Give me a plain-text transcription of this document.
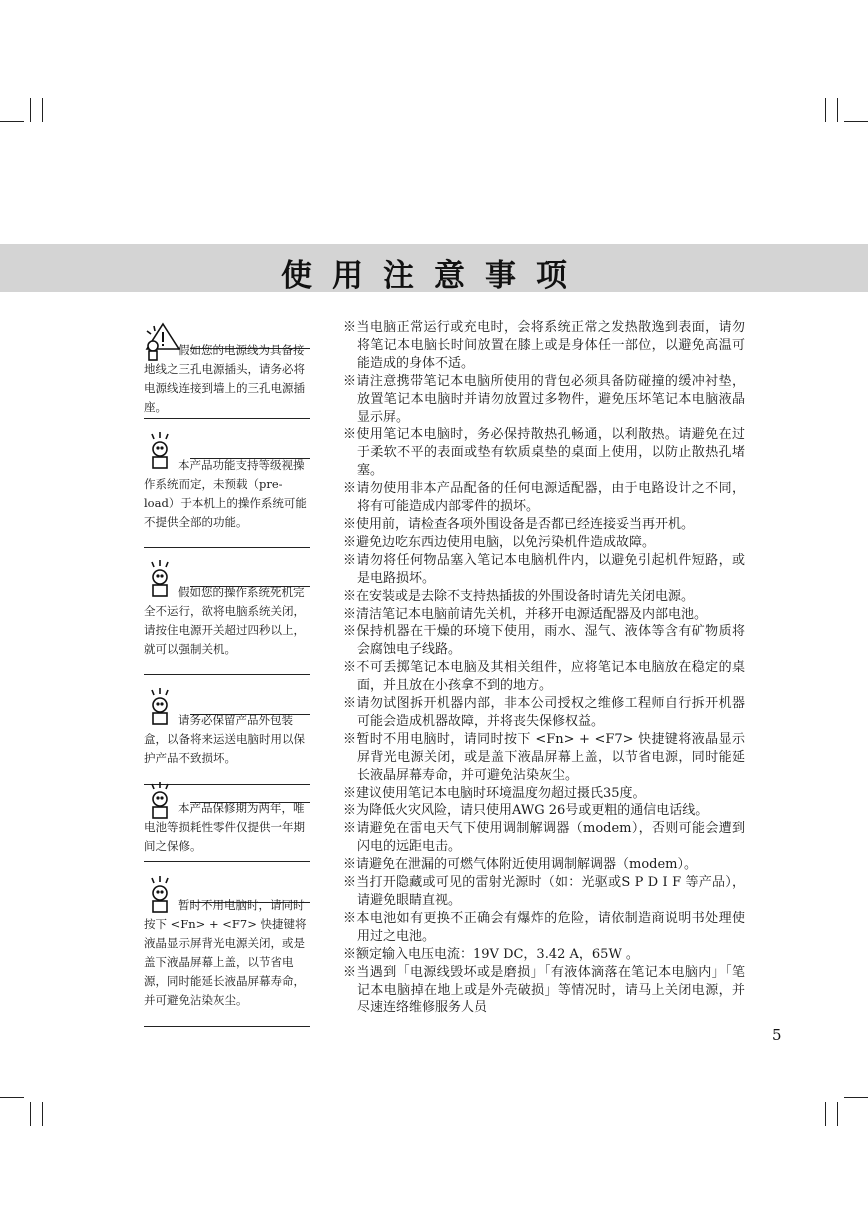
使用注意事项
假如您的电源线为具备接地线之三孔电源插头，请务必将电源线连接到墙上的三孔电源插座。
本产品功能支持等级视操作系统而定，未预载（pre-load）于本机上的操作系统可能不提供全部的功能。
假如您的操作系统死机完全不运行，欲将电脑系统关闭，请按住电源开关超过四秒以上，就可以强制关机。
请务必保留产品外包装盒，以备将来运送电脑时用以保护产品不致损坏。
本产品保修期为两年，唯电池等损耗性零件仅提供一年期间之保修。
暂时不用电脑时，请同时按下 <Fn> + <F7> 快捷键将液晶显示屏背光电源关闭，或是盖下液晶屏幕上盖，以节省电源，同时能延长液晶屏幕寿命，并可避免沾染灰尘。
※当电脑正常运行或充电时，会将系统正常之发热散逸到表面，请勿将笔记本电脑长时间放置在膝上或是身体任一部位，以避免高温可能造成的身体不适。
※请注意携带笔记本电脑所使用的背包必须具备防碰撞的缓冲衬垫，放置笔记本电脑时并请勿放置过多物件，避免压坏笔记本电脑液晶显示屏。
※使用笔记本电脑时，务必保持散热孔畅通，以利散热。请避免在过于柔软不平的表面或垫有软质桌垫的桌面上使用，以防止散热孔堵塞。
※请勿使用非本产品配备的任何电源适配器，由于电路设计之不同，将有可能造成内部零件的损坏。
※使用前，请检查各项外围设备是否都已经连接妥当再开机。
※避免边吃东西边使用电脑，以免污染机件造成故障。
※请勿将任何物品塞入笔记本电脑机件内，以避免引起机件短路，或是电路损坏。
※在安装或是去除不支持热插拔的外围设备时请先关闭电源。
※清洁笔记本电脑前请先关机，并移开电源适配器及内部电池。
※保持机器在干燥的环境下使用，雨水、湿气、液体等含有矿物质将会腐蚀电子线路。
※不可丢掷笔记本电脑及其相关组件，应将笔记本电脑放在稳定的桌面，并且放在小孩拿不到的地方。
※请勿试图拆开机器内部，非本公司授权之维修工程师自行拆开机器可能会造成机器故障，并将丧失保修权益。
※暂时不用电脑时，请同时按下 <Fn> + <F7> 快捷键将液晶显示屏背光电源关闭，或是盖下液晶屏幕上盖，以节省电源，同时能延长液晶屏幕寿命，并可避免沾染灰尘。
※建议使用笔记本电脑时环境温度勿超过摄氏35度。
※为降低火灾风险，请只使用AWG 26号或更粗的通信电话线。
※请避免在雷电天气下使用调制解调器（modem），否则可能会遭到闪电的远距电击。
※请避免在泄漏的可燃气体附近使用调制解调器（modem）。
※当打开隐藏或可见的雷射光源时（如：光驱或S P D I F 等产品），请避免眼睛直视。
※本电池如有更换不正确会有爆炸的危险，请依制造商说明书处理使用过之电池。
※额定输入电压电流：19V DC，3.42 A，65W 。
※当遇到「电源线毁坏或是磨损」「有液体滴落在笔记本电脑内」「笔记本电脑掉在地上或是外壳破损」等情况时，请马上关闭电源，并尽速连络维修服务人员
5
